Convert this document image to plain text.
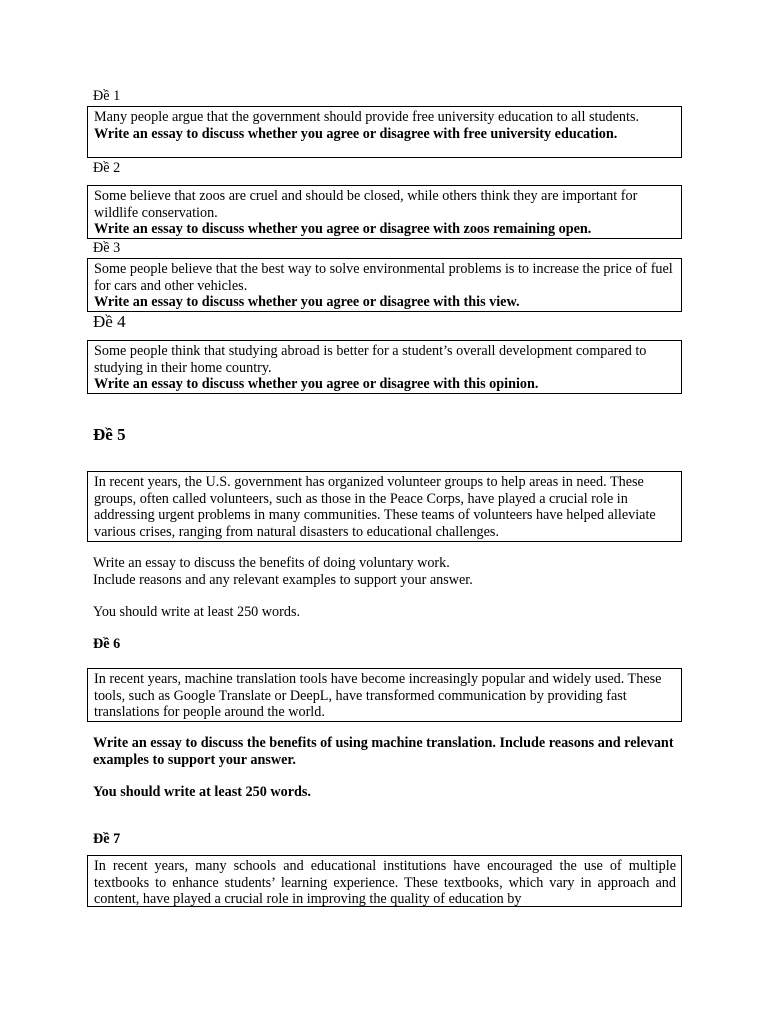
Đề 1

Many people argue that the government should provide free university education to all students.

Write an essay to discuss whether you agree or disagree with free university education.

Đề 2

Some believe that zoos are cruel and should be closed, while others think they are important for wildlife conservation.

Write an essay to discuss whether you agree or disagree with zoos remaining open.

Đề 3

Some people believe that the best way to solve environmental problems is to increase the price of fuel for cars and other vehicles.

Write an essay to discuss whether you agree or disagree with this view.

Đề 4

Some people think that studying abroad is better for a student’s overall development compared to studying in their home country.

Write an essay to discuss whether you agree or disagree with this opinion.

Đề 5

In recent years, the U.S. government has organized volunteer groups to help areas in need. These groups, often called volunteers, such as those in the Peace Corps, have played a crucial role in addressing urgent problems in many communities. These teams of volunteers have helped alleviate various crises, ranging from natural disasters to educational challenges.

Write an essay to discuss the benefits of doing voluntary work.

Include reasons and any relevant examples to support your answer.

You should write at least 250 words.

Đề 6

In recent years, machine translation tools have become increasingly popular and widely used. These tools, such as Google Translate or DeepL, have transformed communication by providing fast translations for people around the world.

Write an essay to discuss the benefits of using machine translation. Include reasons and relevant examples to support your answer.

You should write at least 250 words.

Đề 7

In recent years, many schools and educational institutions have encouraged the use of multiple textbooks to enhance students’ learning experience. These textbooks, which vary in approach and content, have played a crucial role in improving the quality of education by
